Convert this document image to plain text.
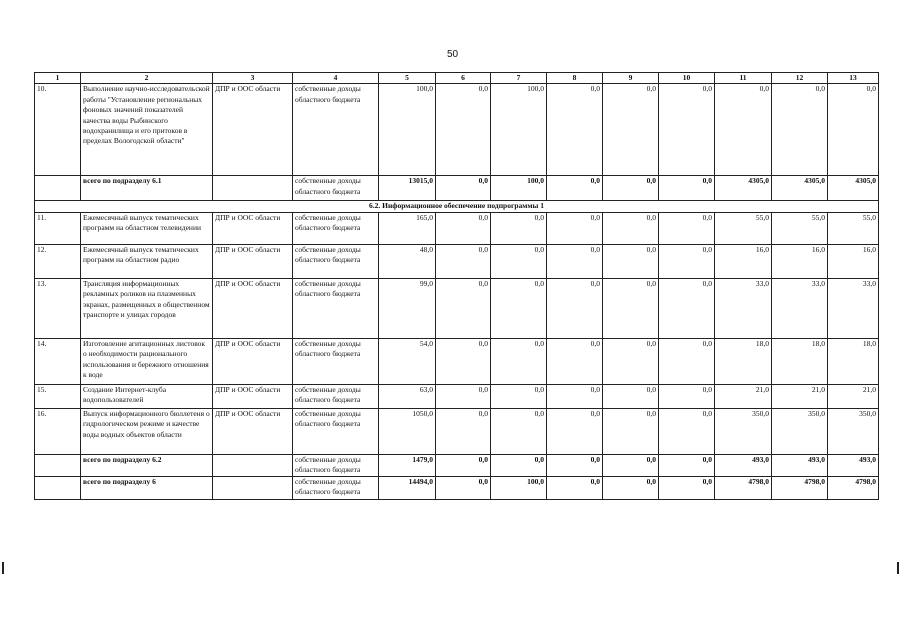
50
1	2	3	4	5	6	7	8	9	10	11	12	13
10.	Выполнение научно-исследовательской работы "Установление региональных фоновых значений показателей качества воды Рыбинского водохранилища и его притоков в пределах Вологодской области"	ДПР и ООС области	собственные доходы областного бюджета	100,0	0,0	100,0	0,0	0,0	0,0	0,0	0,0	0,0
	всего по подразделу 6.1		собственные доходы областного бюджета	13015,0	0,0	100,0	0,0	0,0	0,0	4305,0	4305,0	4305,0
6.2. Информационное обеспечение подпрограммы 1												
11.	Ежемесячный выпуск тематических программ на областном телевидении	ДПР и ООС области	собственные доходы областного бюджета	165,0	0,0	0,0	0,0	0,0	0,0	55,0	55,0	55,0
12.	Ежемесячный выпуск тематических программ на областном радио	ДПР и ООС области	собственные доходы областного бюджета	48,0	0,0	0,0	0,0	0,0	0,0	16,0	16,0	16,0
13.	Трансляция информационных рекламных роликов на плазменных экранах, размещенных в общественном транспорте и улицах городов	ДПР и ООС области	собственные доходы областного бюджета	99,0	0,0	0,0	0,0	0,0	0,0	33,0	33,0	33,0
14.	Изготовление агитационных листовок о необходимости рационального использования и бережного отношения к воде	ДПР и ООС области	собственные доходы областного бюджета	54,0	0,0	0,0	0,0	0,0	0,0	18,0	18,0	18,0
15.	Создание Интернет-клуба водопользователей	ДПР и ООС области	собственные доходы областного бюджета	63,0	0,0	0,0	0,0	0,0	0,0	21,0	21,0	21,0
16.	Выпуск информационного бюллетеня о гидрологическом режиме и качестве воды водных объектов области	ДПР и ООС области	собственные доходы областного бюджета	1050,0	0,0	0,0	0,0	0,0	0,0	350,0	350,0	350,0
	всего по подразделу 6.2		собственные доходы областного бюджета	1479,0	0,0	0,0	0,0	0,0	0,0	493,0	493,0	493,0
	всего по подразделу 6		собственные доходы областного бюджета	14494,0	0,0	100,0	0,0	0,0	0,0	4798,0	4798,0	4798,0
